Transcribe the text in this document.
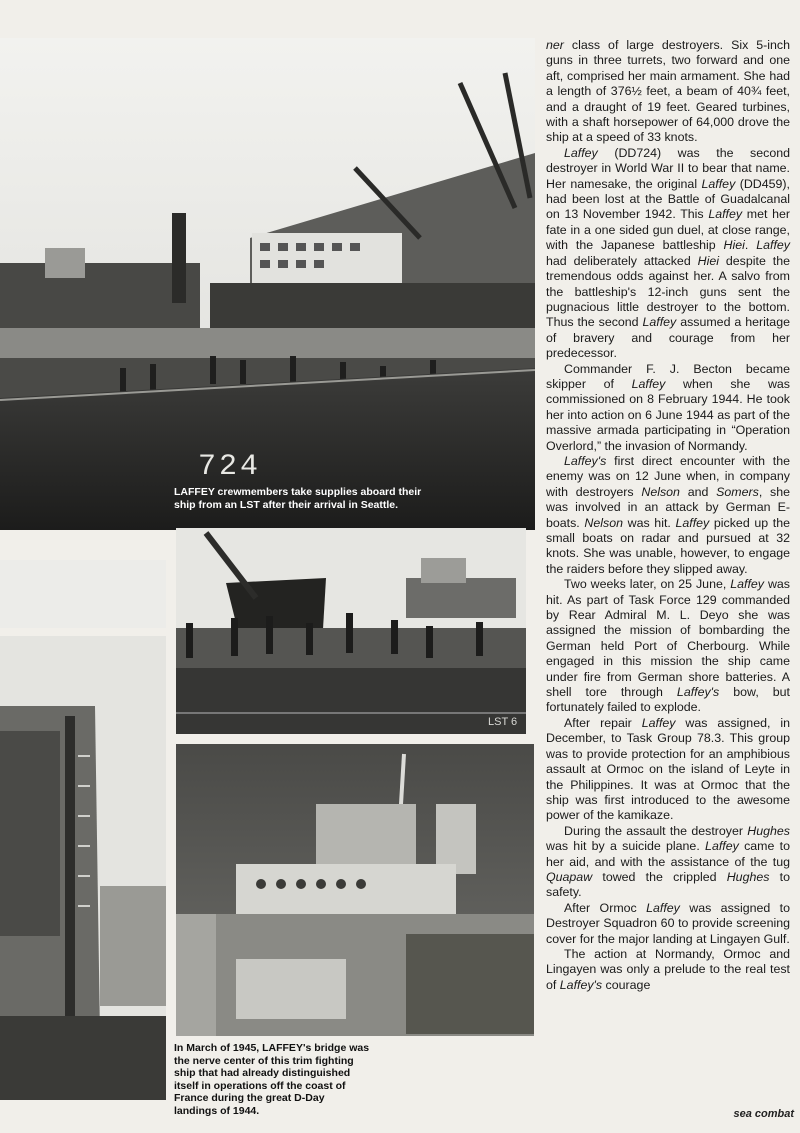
724
LAFFEY crewmembers take supplies aboard their ship from an LST after their arrival in Seattle.
LST 6
In March of 1945, LAFFEY's bridge was the nerve center of this trim fighting ship that had already distinguished itself in operations off the coast of France during the great D-Day landings of 1944.

ner class of large destroyers. Six 5-inch guns in three turrets, two forward and one aft, comprised her main armament. She had a length of 376½ feet, a beam of 40¾ feet, and a draught of 19 feet. Geared turbines, with a shaft horsepower of 64,000 drove the ship at a speed of 33 knots.

Laffey (DD724) was the second destroyer in World War II to bear that name. Her namesake, the original Laffey (DD459), had been lost at the Battle of Guadalcanal on 13 November 1942. This Laffey met her fate in a one sided gun duel, at close range, with the Japanese battleship Hiei. Laffey had deliberately attacked Hiei despite the tremendous odds against her. A salvo from the battleship's 12-inch guns sent the pugnacious little destroyer to the bottom. Thus the second Laffey assumed a heritage of bravery and courage from her predecessor.

Commander F. J. Becton became skipper of Laffey when she was commissioned on 8 February 1944. He took her into action on 6 June 1944 as part of the massive armada participating in “Operation Overlord,” the invasion of Normandy.

Laffey's first direct encounter with the enemy was on 12 June when, in company with destroyers Nelson and Somers, she was involved in an attack by German E-boats. Nelson was hit. Laffey picked up the small boats on radar and pursued at 32 knots. She was unable, however, to engage the raiders before they slipped away.

Two weeks later, on 25 June, Laffey was hit. As part of Task Force 129 commanded by Rear Admiral M. L. Deyo she was assigned the mission of bombarding the German held Port of Cherbourg. While engaged in this mission the ship came under fire from German shore batteries. A shell tore through Laffey's bow, but fortunately failed to explode.

After repair Laffey was assigned, in December, to Task Group 78.3. This group was to provide protection for an amphibious assault at Ormoc on the island of Leyte in the Philippines. It was at Ormoc that the ship was first introduced to the awesome power of the kamikaze.

During the assault the destroyer Hughes was hit by a suicide plane. Laffey came to her aid, and with the assistance of the tug Quapaw towed the crippled Hughes to safety.

After Ormoc Laffey was assigned to Destroyer Squadron 60 to provide screening cover for the major landing at Lingayen Gulf.

The action at Normandy, Ormoc and Lingayen was only a prelude to the real test of Laffey's courage

sea combat
